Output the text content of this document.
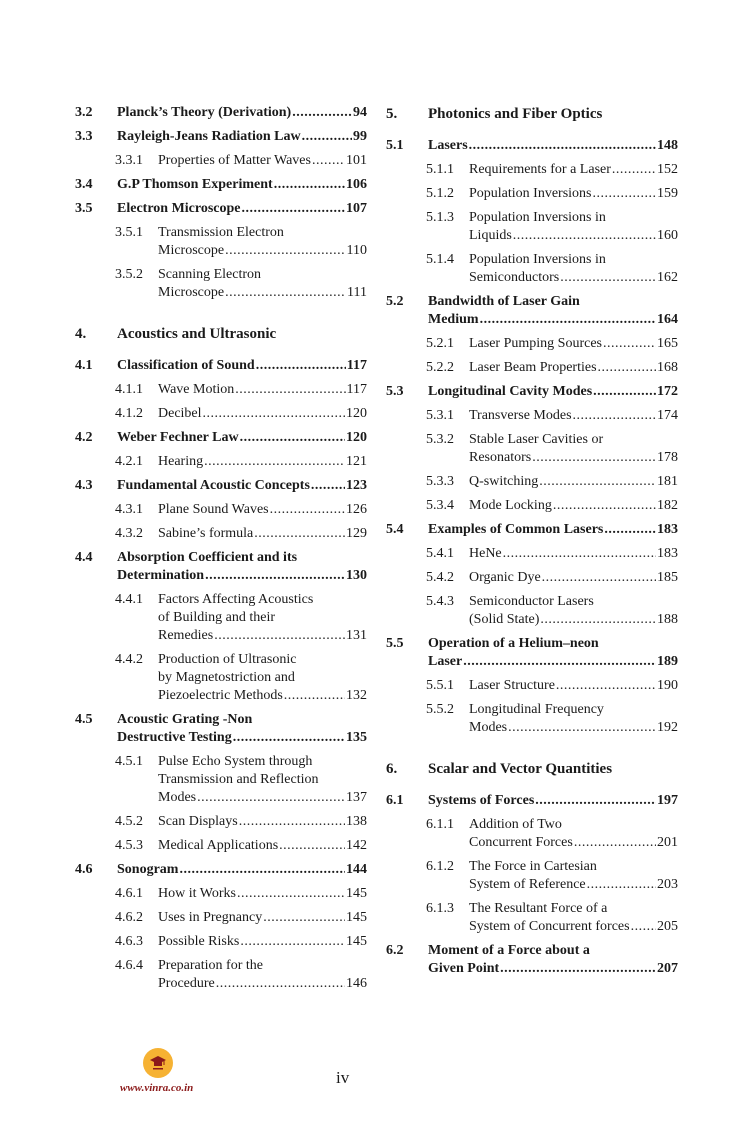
3.2	Planck’s Theory (Derivation) .....	94
3.3	Rayleigh-Jeans Radiation Law .....	99
3.3.1	Properties of Matter Waves .....	101
3.4	G.P Thomson Experiment .....	106
3.5	Electron Microscope .....	107
3.5.1	Transmission Electron
Microscope .....	110
3.5.2	Scanning Electron
Microscope .....	111
4.	Acoustics and Ultrasonic
4.1	Classification of Sound .....	117
4.1.1	Wave Motion .....	117
4.1.2	Decibel .....	120
4.2	Weber Fechner Law .....	120
4.2.1	Hearing .....	121
4.3	Fundamental Acoustic Concepts .....	123
4.3.1	Plane Sound Waves .....	126
4.3.2	Sabine’s formula .....	129
4.4	Absorption Coefficient and its
Determination .....	130
4.4.1	Factors Affecting Acoustics
of Building and their
Remedies .....	131
4.4.2	Production of Ultrasonic
by Magnetostriction and
Piezoelectric Methods .....	132
4.5	Acoustic Grating -Non
Destructive Testing .....	135
4.5.1	Pulse Echo System through
Transmission and Reflection
Modes .....	137
4.5.2	Scan Displays .....	138
4.5.3	Medical Applications .....	142
4.6	Sonogram .....	144
4.6.1	How it Works .....	145
4.6.2	Uses in Pregnancy .....	145
4.6.3	Possible Risks .....	145
4.6.4	Preparation for the
Procedure .....	146
5.	Photonics and Fiber Optics
5.1	Lasers .....	148
5.1.1	Requirements for a Laser .....	152
5.1.2	Population Inversions .....	159
5.1.3	Population Inversions in
Liquids .....	160
5.1.4	Population Inversions in
Semiconductors .....	162
5.2	Bandwidth of Laser Gain
Medium .....	164
5.2.1	Laser Pumping Sources .....	165
5.2.2	Laser Beam Properties .....	168
5.3	Longitudinal Cavity Modes .....	172
5.3.1	Transverse Modes .....	174
5.3.2	Stable Laser Cavities or
Resonators .....	178
5.3.3	Q-switching .....	181
5.3.4	Mode Locking .....	182
5.4	Examples of Common Lasers .....	183
5.4.1	HeNe .....	183
5.4.2	Organic Dye .....	185
5.4.3	Semiconductor Lasers
(Solid State) .....	188
5.5	Operation of a Helium–neon
Laser .....	189
5.5.1	Laser Structure .....	190
5.5.2	Longitudinal Frequency
Modes .....	192
6.	Scalar and Vector Quantities
6.1	Systems of Forces .....	197
6.1.1	Addition of Two
Concurrent Forces .....	201
6.1.2	The Force in Cartesian
System of Reference .....	203
6.1.3	The Resultant Force of a
System of Concurrent forces ..... 205
6.2	Moment of a Force about a
Given Point .....	207
www.vinra.co.in
iv
